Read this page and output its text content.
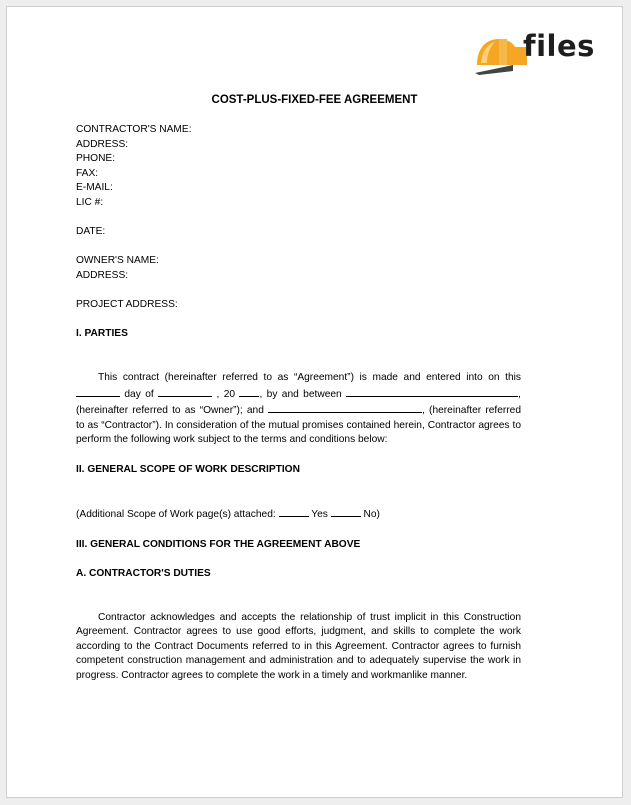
files
COST-PLUS-FIXED-FEE AGREEMENT
CONTRACTOR'S NAME:
ADDRESS:
PHONE:
FAX:
E-MAIL:
LIC #:
DATE:
OWNER'S NAME:
ADDRESS:
PROJECT ADDRESS:
I. PARTIES

This contract (hereinafter referred to as “Agreement”) is made and entered into on this  day of	, 20 , by and between	, (hereinafter referred to as “Owner”); and	, (hereinafter referred to as “Contractor”). In consideration of the mutual promises contained herein, Contractor agrees to perform the following work subject to the terms and conditions below:

II. GENERAL SCOPE OF WORK DESCRIPTION
(Additional Scope of Work page(s) attached:	Yes	No)
III. GENERAL CONDITIONS FOR THE AGREEMENT ABOVE
A. CONTRACTOR'S DUTIES

Contractor acknowledges and accepts the relationship of trust implicit in this Construction Agreement. Contractor agrees to use good efforts, judgment, and skills to complete the work according to the Contract Documents referred to in this Agreement. Contractor agrees to furnish competent construction management and administration and to adequately supervise the work in progress. Contractor agrees to complete the work in a timely and workmanlike manner.
